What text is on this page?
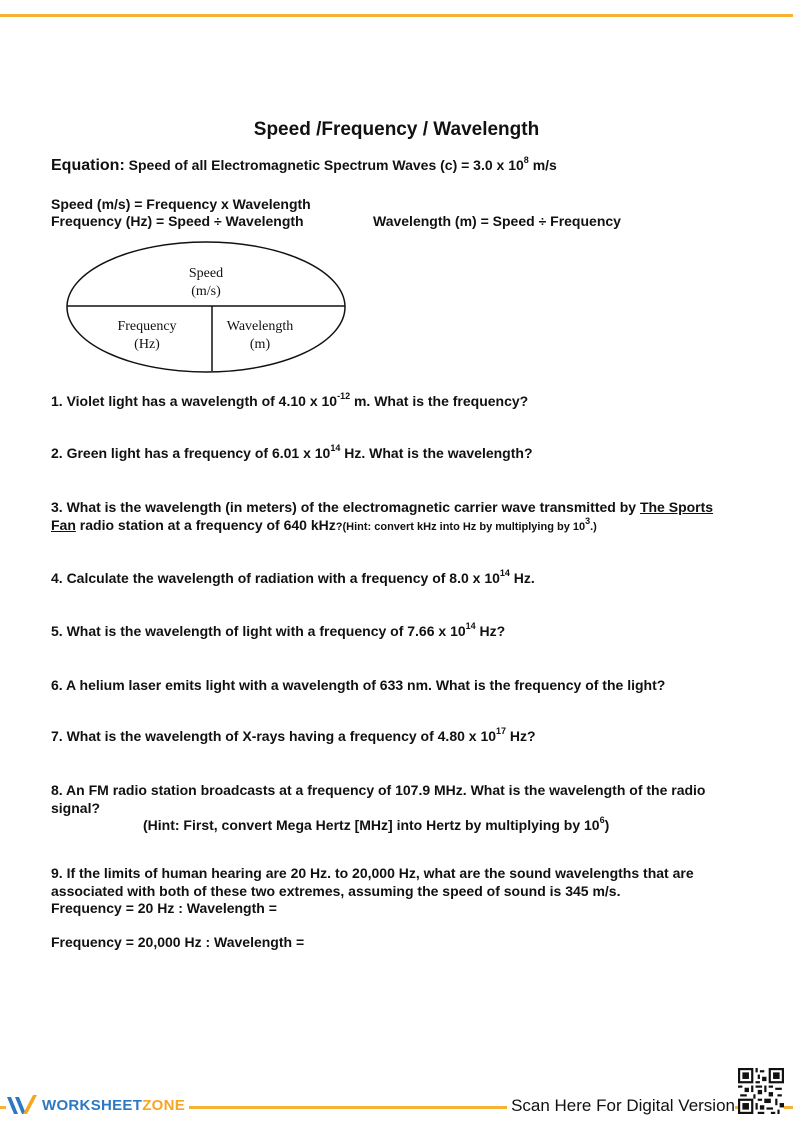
Speed /Frequency / Wavelength
Equation: Speed of all Electromagnetic Spectrum Waves (c) = 3.0 x $10^8$ m/s
Speed (m/s) = Frequency x Wavelength
Frequency (Hz) = Speed ÷ Wavelength	Wavelength (m) = Speed ÷ Frequency
Speed
(m/s)
Frequency
(Hz)
Wavelength
(m)
1. Violet light has a wavelength of 4.10 x $10^{-12}$ m. What is the frequency?
2. Green light has a frequency of 6.01 x $10^{14}$ Hz. What is the wavelength?
3. What is the wavelength (in meters) of the electromagnetic carrier wave transmitted by The Sports Fan radio station at a frequency of 640 kHz?(Hint: convert kHz into Hz by multiplying by $10^3$.)
4. Calculate the wavelength of radiation with a frequency of 8.0 x $10^{14}$ Hz.
5. What is the wavelength of light with a frequency of 7.66 x $10^{14}$ Hz?
6. A helium laser emits light with a wavelength of 633 nm. What is the frequency of the light?
7. What is the wavelength of X-rays having a frequency of 4.80 x $10^{17}$ Hz?
8. An FM radio station broadcasts at a frequency of 107.9 MHz. What is the wavelength of the radio signal?
(Hint: First, convert Mega Hertz [MHz] into Hertz by multiplying by $10^6$)
9. If the limits of human hearing are 20 Hz. to 20,000 Hz, what are the sound wavelengths that are associated with both of these two extremes, assuming the speed of sound is 345 m/s.
Frequency = 20 Hz : Wavelength =
Frequency = 20,000 Hz : Wavelength =
WORKSHEETZONE	Scan Here For Digital Version
